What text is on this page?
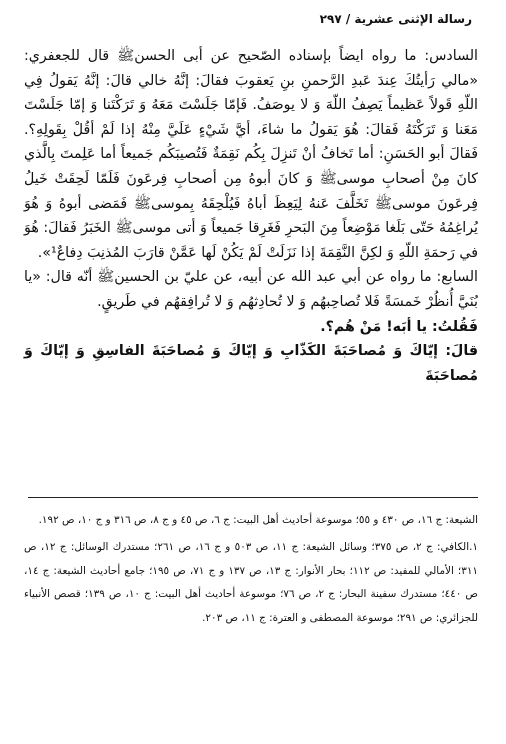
رسالة الإثنى عشرية / ٢٩٧

السادس: ما رواه ايضاً بإسناده الصّحيح عن أبى الحسنﷺ قال للجعفري: «مالي رَأيتُكَ عِندَ عَبدِ الرَّحمنِ بنِ يَعقوبَ فقالَ: إنَّهُ خالي قالَ: إنَّهُ يَقولُ فِي اللّهِ قَولاً عَظيماً يَصِفُ اللّهَ وَ لا يوصَفُ. فَإمّا جَلَسْتَ مَعَهُ وَ تَرَكْتَنا وَ إمّا جَلَسْتَ مَعَنا وَ تَرَكْتَهُ فَقالَ: هُوَ يَقولُ ما شاءَ، أيَّ شَيْءٍ عَلَيَّ مِنْهُ إذا لَمْ أقُلْ بِقَولِهِ؟. فَقالَ أبو الحَسَنِ: أما تَخافُ أنْ تَنزِلَ بِكُم نَقِمَةٌ فَتُصيبَكُم جَميعاً أما عَلِمتَ بِالَّذي كانَ مِنْ أصحابِ موسىﷺ وَ كانَ أبوهُ مِن أصحابِ فِرعَونَ فَلَمّا لَحِقَتْ خَيلُ فِرعَونَ موسىﷺ تَخَلَّفَ عَنهُ لِيَعِظَ أباهُ فَيُلْحِقَهُ بِموسىﷺ فَمَضى أبوهُ وَ هُوَ يُراغِمُهُ حَتّى بَلَغا مَوْضِعاً مِنَ البَحرِ فَغَرِقا جَميعاً وَ أتى موسىﷺ الخَبَرُ فَقالَ: هُوَ في رَحمَةِ اللّهِ وَ لكِنَّ النَّقِمَةَ إذا نَزَلَتْ لَمْ يَكُنْ لَها عَمَّنْ قارَبَ المُذنِبَ دِفاعٌ¹».

السابع: ما رواه عن أبي عبد الله عن أبيه، عن عليّ بن الحسينﷺ أنّه قال: «يا بُنَيَّ أُنظُرْ خَمسَةً فَلا تُصاحِبهُم وَ لا تُحادِثهُم وَ لا تُرافِقهُم في طَريقٍ.

فَقُلتُ: يا أبَه! مَنْ هُم؟.

قالَ: إيّاكَ وَ مُصاحَبَةَ الكَذّابِ وَ إيّاكَ وَ مُصاحَبَةَ الفاسِقِ وَ إيّاكَ وَ مُصاحَبَةَ

الشيعة: ج ١٦، ص ٤٣٠ و ٥٥؛ موسوعة أحاديث أهل البيت: ج ٦، ص ٤٥ و ج ٨، ص ٣١٦ و ج ١٠، ص ١٩٢.

١.الكافي: ج ٢، ص ٣٧٥؛ وسائل الشيعة: ج ١١، ص ٥٠٣ و ج ١٦، ص ٢٦١؛ مستدرك الوسائل: ج ١٢، ص ٣١١؛ الأمالي للمفيد: ص ١١٢؛ بحار الأنوار: ج ١٣، ص ١٣٧ و ج ٧١، ص ١٩٥؛ جامع أحاديث الشيعة: ج ١٤، ص ٤٤٠؛ مستدرك سفينة البحار: ج ٢، ص ٧٦؛ موسوعة أحاديث أهل البيت: ج ١٠، ص ١٣٩؛ قصص الأنبياء للجزائري: ص ٢٩١؛ موسوعة المصطفى و العترة: ج ١١، ص ٢٠٣.
